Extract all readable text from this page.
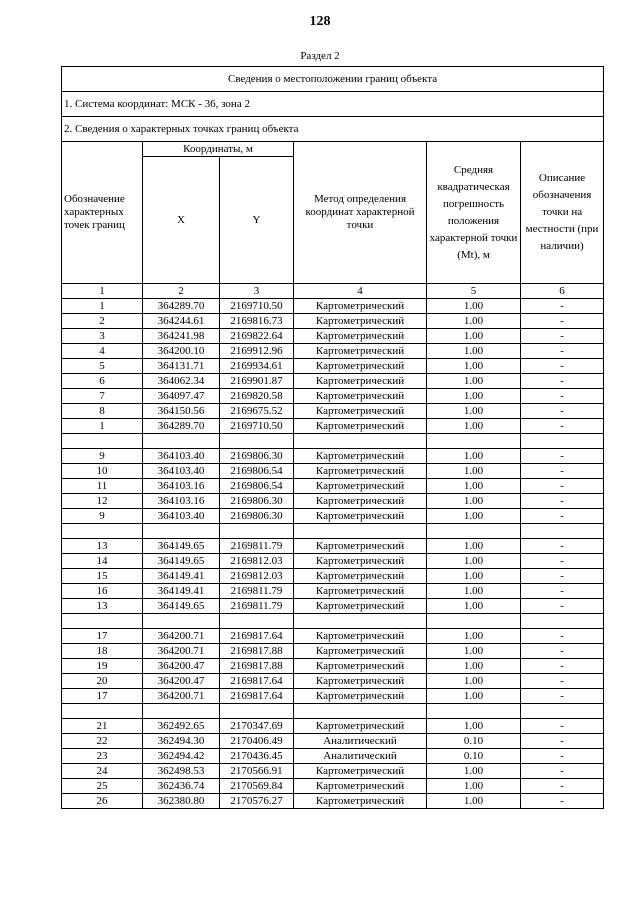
128
Раздел 2
Сведения о местоположении границ объекта					
1. Система координат: МСК - 36, зона 2					
2. Сведения о характерных точках границ объекта					
Обозначение характерных точек границ	Координаты, м		Метод определения координат характерной точки	Средняя квадратическая погрешность положения характерной точки (Mt), м	Описание обозначения точки на местности (при наличии)
	X	Y			
1	2	3	4	5	6
1	364289.70	2169710.50	Картометрический	1.00	-
2	364244.61	2169816.73	Картометрический	1.00	-
3	364241.98	2169822.64	Картометрический	1.00	-
4	364200.10	2169912.96	Картометрический	1.00	-
5	364131.71	2169934.61	Картометрический	1.00	-
6	364062.34	2169901.87	Картометрический	1.00	-
7	364097.47	2169820.58	Картометрический	1.00	-
8	364150.56	2169675.52	Картометрический	1.00	-
1	364289.70	2169710.50	Картометрический	1.00	-

9	364103.40	2169806.30	Картометрический	1.00	-
10	364103.40	2169806.54	Картометрический	1.00	-
11	364103.16	2169806.54	Картометрический	1.00	-
12	364103.16	2169806.30	Картометрический	1.00	-
9	364103.40	2169806.30	Картометрический	1.00	-

13	364149.65	2169811.79	Картометрический	1.00	-
14	364149.65	2169812.03	Картометрический	1.00	-
15	364149.41	2169812.03	Картометрический	1.00	-
16	364149.41	2169811.79	Картометрический	1.00	-
13	364149.65	2169811.79	Картометрический	1.00	-

17	364200.71	2169817.64	Картометрический	1.00	-
18	364200.71	2169817.88	Картометрический	1.00	-
19	364200.47	2169817.88	Картометрический	1.00	-
20	364200.47	2169817.64	Картометрический	1.00	-
17	364200.71	2169817.64	Картометрический	1.00	-

21	362492.65	2170347.69	Картометрический	1.00	-
22	362494.30	2170406.49	Аналитический	0.10	-
23	362494.42	2170436.45	Аналитический	0.10	-
24	362498.53	2170566.91	Картометрический	1.00	-
25	362436.74	2170569.84	Картометрический	1.00	-
26	362380.80	2170576.27	Картометрический	1.00	-
